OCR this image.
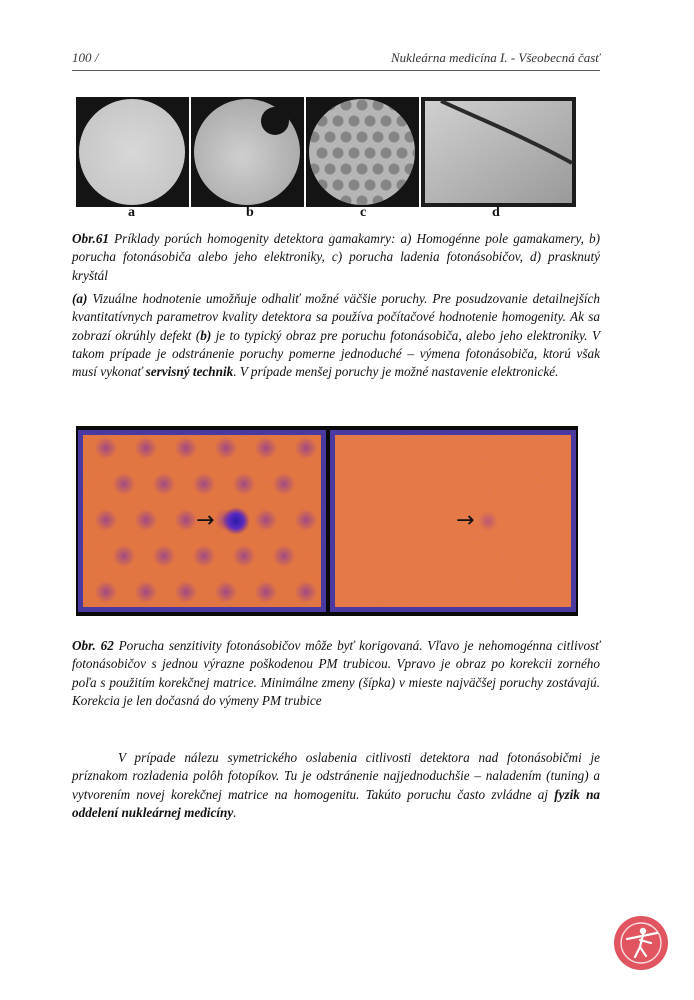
100 /	Nukleárna medicína I. - Všeobecná časť
a	b	c	d

Obr.61 Príklady porúch homogenity detektora gamakamry: a) Homogénne pole gamakamery, b) porucha fotonásobiča alebo jeho elektroniky, c) porucha ladenia fotonásobičov, d) prasknutý kryštál

(a) Vizuálne hodnotenie umožňuje odhaliť možné väčšie poruchy. Pre posudzovanie detailnejších kvantitatívnych parametrov kvality detektora sa používa počítačové hodnotenie homogenity. Ak sa zobrazí okrúhly defekt (b) je to typický obraz pre poruchu fotonásobiča, alebo jeho elektroniky. V takom prípade je odstránenie poruchy pomerne jednoduché – výmena fotonásobiča, ktorú však musí vykonať servisný technik. V prípade menšej poruchy je možné nastavenie elektronické.

→	→

Obr. 62 Porucha senzitivity fotonásobičov môže byť korigovaná. Vľavo je nehomogénna citlivosť fotonásobičov s jednou výrazne poškodenou PM trubicou. Vpravo je obraz po korekcii zorného poľa s použitím korekčnej matrice. Minimálne zmeny (šípka) v mieste najväčšej poruchy zostávajú. Korekcia je len dočasná do výmeny PM trubice

V prípade nálezu symetrického oslabenia citlivosti detektora nad fotonásobičmi je príznakom rozladenia polôh fotopíkov. Tu je odstránenie najjednoduchšie – naladením (tuning) a vytvorením novej korekčnej matrice na homogenitu. Takúto poruchu často zvládne aj fyzik na oddelení nukleárnej medicíny.
